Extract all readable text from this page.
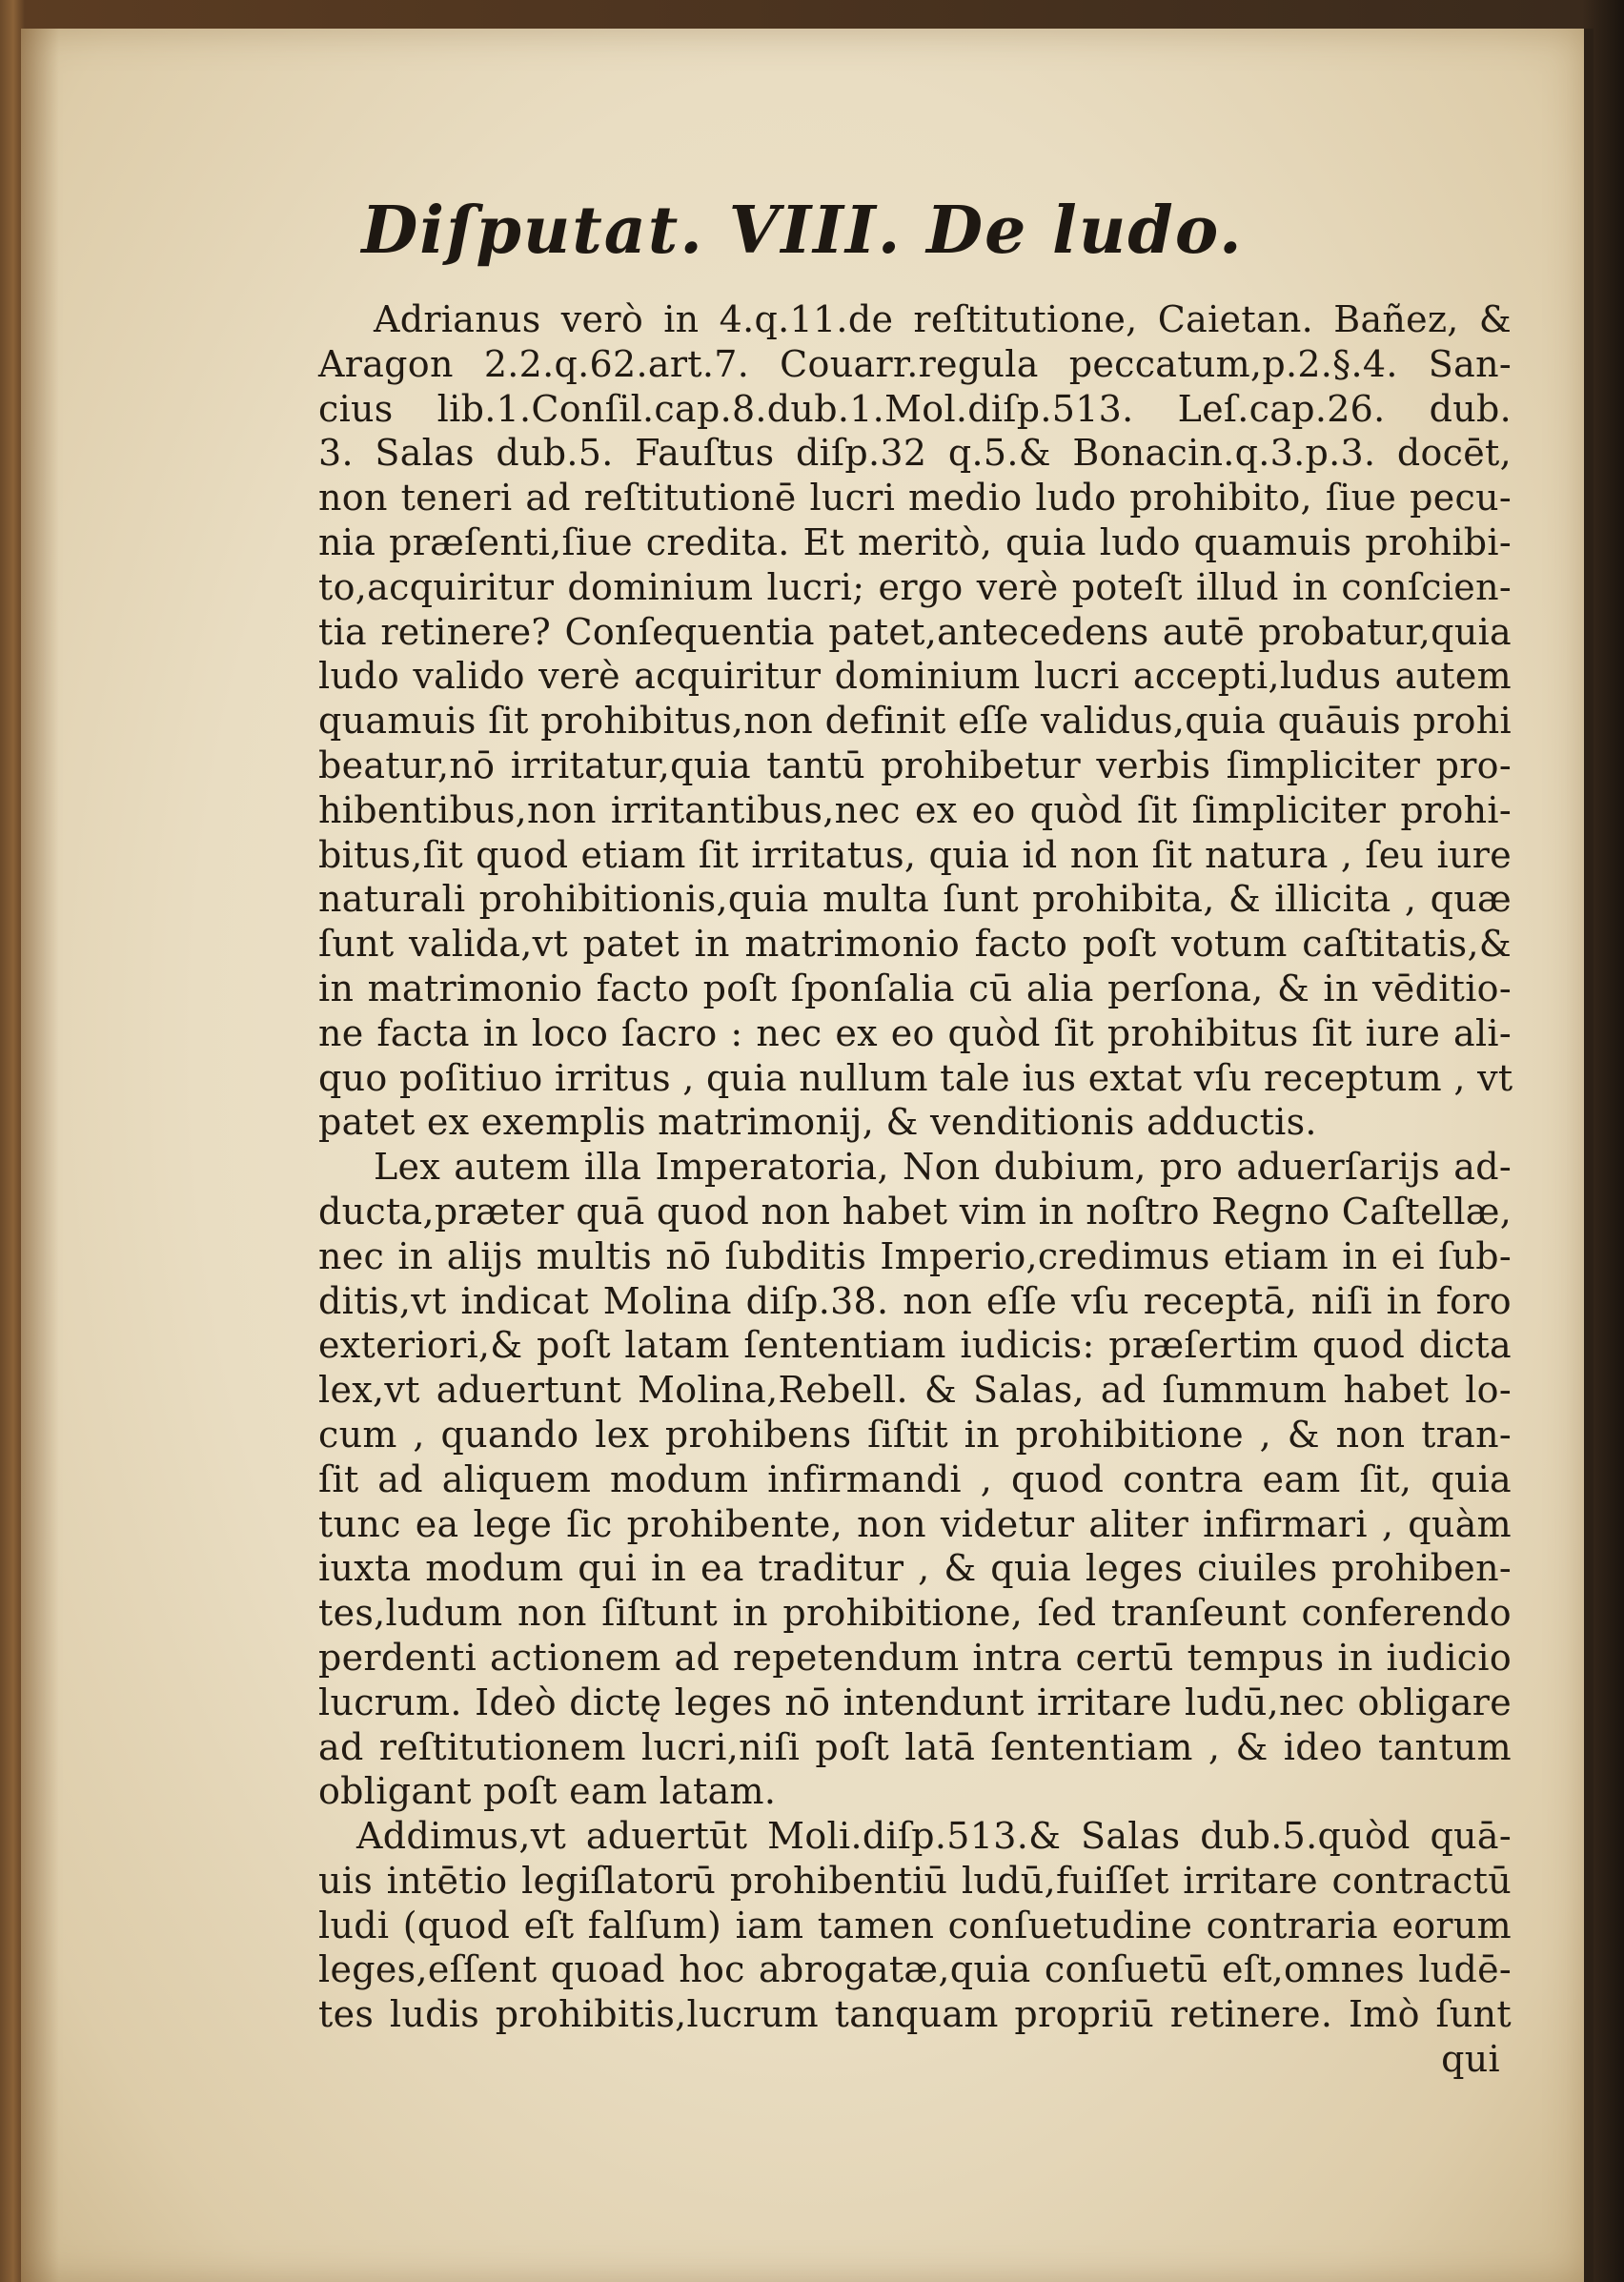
Diſputat. VIII. De ludo.
Adrianus verò in 4.q.11.de reſtitutione, Caietan. Bañez, &
Aragon 2.2.q.62.art.7. Couarr.regula peccatum,p.2.§.4. San-
cius lib.1.Conſil.cap.8.dub.1.Mol.diſp.513. Leſ.cap.26. dub.
3. Salas dub.5. Fauſtus diſp.32 q.5.& Bonacin.q.3.p.3. docēt,
non teneri ad reſtitutionē lucri medio ludo prohibito, ſiue pecu-
nia præſenti,ſiue credita. Et meritò, quia ludo quamuis prohibi-
to,acquiritur dominium lucri; ergo verè poteſt illud in conſcien-
tia retinere? Conſequentia patet,antecedens autē probatur,quia
ludo valido verè acquiritur dominium lucri accepti,ludus autem
quamuis ſit prohibitus,non definit eſſe validus,quia quāuis prohi
beatur,nō irritatur,quia tantū prohibetur verbis ſimpliciter pro-
hibentibus,non irritantibus,nec ex eo quòd ſit ſimpliciter prohi-
bitus,ſit quod etiam ſit irritatus, quia id non ſit natura , ſeu iure
naturali prohibitionis,quia multa ſunt prohibita, & illicita , quæ
ſunt valida,vt patet in matrimonio facto poſt votum caſtitatis,&
in matrimonio facto poſt ſponſalia cū alia perſona, & in vēditio-
ne facta in loco ſacro : nec ex eo quòd ſit prohibitus ſit iure ali-
quo poſitiuo irritus , quia nullum tale ius extat vſu receptum , vt
patet ex exemplis matrimonij, & venditionis adductis.
Lex autem illa Imperatoria, Non dubium, pro aduerſarijs ad-
ducta,præter quā quod non habet vim in noſtro Regno Caſtellæ,
nec in alijs multis nō ſubditis Imperio,credimus etiam in ei ſub-
ditis,vt indicat Molina diſp.38. non eſſe vſu receptā, niſi in foro
exteriori,& poſt latam ſententiam iudicis: præſertim quod dicta
lex,vt aduertunt Molina,Rebell. & Salas, ad ſummum habet lo-
cum , quando lex prohibens ſiſtit in prohibitione , & non tran-
ſit ad aliquem modum infirmandi , quod contra eam ſit, quia
tunc ea lege ſic prohibente, non videtur aliter infirmari , quàm
iuxta modum qui in ea traditur , & quia leges ciuiles prohiben-
tes,ludum non ſiſtunt in prohibitione, ſed tranſeunt conferendo
perdenti actionem ad repetendum intra certū tempus in iudicio
lucrum. Ideò dictę leges nō intendunt irritare ludū,nec obligare
ad reſtitutionem lucri,niſi poſt latā ſententiam , & ideo tantum
obligant poſt eam latam.
Addimus,vt aduertūt Moli.diſp.513.& Salas dub.5.quòd quā-
uis intētio legiſlatorū prohibentiū ludū,fuiſſet irritare contractū
ludi (quod eſt falſum) iam tamen conſuetudine contraria eorum
leges,eſſent quoad hoc abrogatæ,quia conſuetū eſt,omnes ludē-
tes ludis prohibitis,lucrum tanquam propriū retinere. Imò ſunt
qui
